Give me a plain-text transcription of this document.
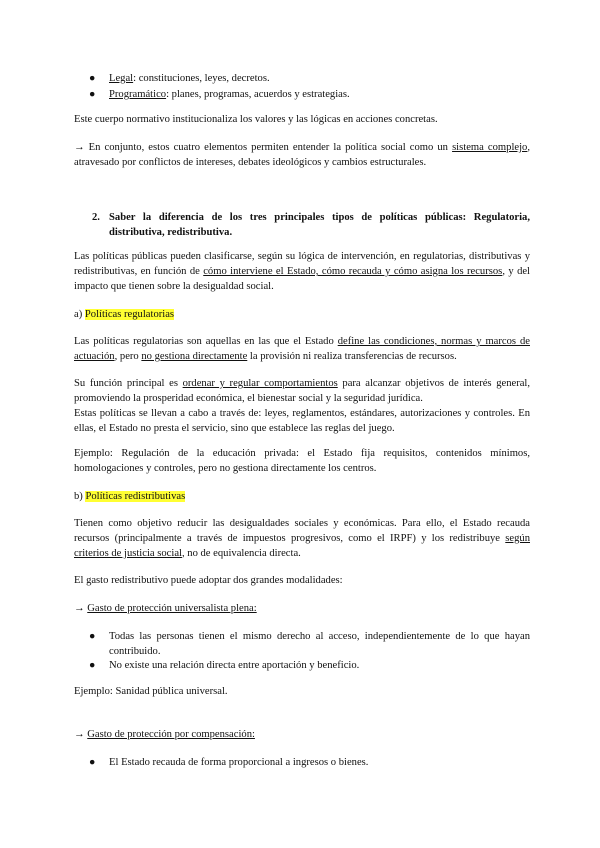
● Legal: constituciones, leyes, decretos.
● Programático: planes, programas, acuerdos y estrategias.
Este cuerpo normativo institucionaliza los valores y las lógicas en acciones concretas.
→ En conjunto, estos cuatro elementos permiten entender la política social como un sistema complejo, atravesado por conflictos de intereses, debates ideológicos y cambios estructurales.
2. Saber la diferencia de los tres principales tipos de políticas públicas: Regulatoria, distributiva, redistributiva.
Las políticas públicas pueden clasificarse, según su lógica de intervención, en regulatorias, distributivas y redistributivas, en función de cómo interviene el Estado, cómo recauda y cómo asigna los recursos, y del impacto que tienen sobre la desigualdad social.
a) Políticas regulatorias
Las políticas regulatorias son aquellas en las que el Estado define las condiciones, normas y marcos de actuación, pero no gestiona directamente la provisión ni realiza transferencias de recursos.
Su función principal es ordenar y regular comportamientos para alcanzar objetivos de interés general, promoviendo la prosperidad económica, el bienestar social y la seguridad jurídica.
Estas políticas se llevan a cabo a través de: leyes, reglamentos, estándares, autorizaciones y controles. En ellas, el Estado no presta el servicio, sino que establece las reglas del juego.
Ejemplo: Regulación de la educación privada: el Estado fija requisitos, contenidos mínimos, homologaciones y controles, pero no gestiona directamente los centros.
b) Políticas redistributivas
Tienen como objetivo reducir las desigualdades sociales y económicas. Para ello, el Estado recauda recursos (principalmente a través de impuestos progresivos, como el IRPF) y los redistribuye según criterios de justicia social, no de equivalencia directa.
El gasto redistributivo puede adoptar dos grandes modalidades:
→ Gasto de protección universalista plena:
●	Todas las personas tienen el mismo derecho al acceso, independientemente de lo que hayan contribuido.
●	No existe una relación directa entre aportación y beneficio.
Ejemplo: Sanidad pública universal.
→ Gasto de protección por compensación:
●	El Estado recauda de forma proporcional a ingresos o bienes.
